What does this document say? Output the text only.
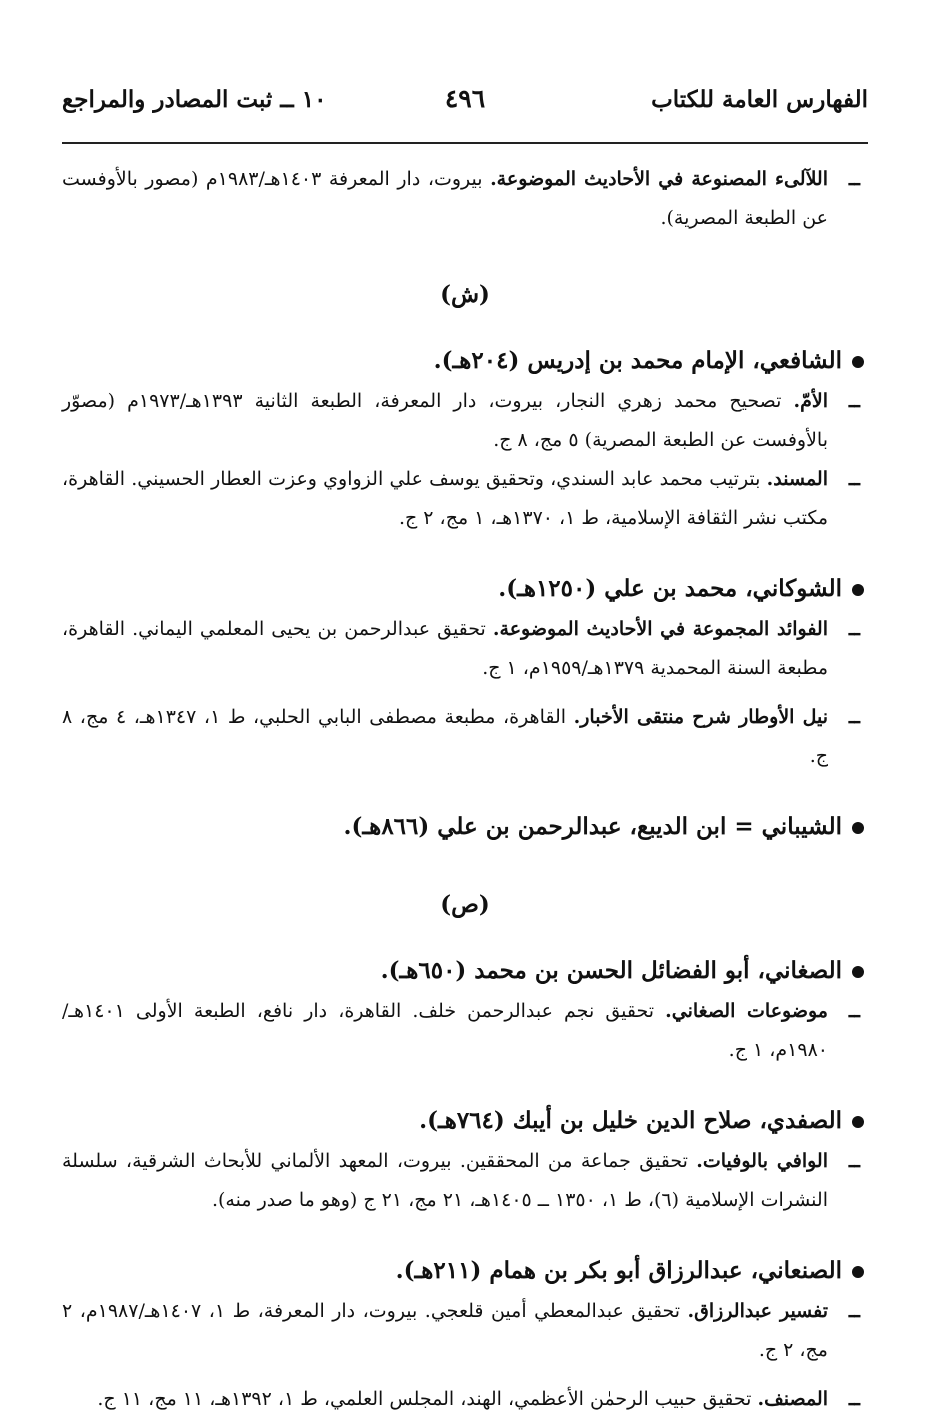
الفهارس العامة للكتاب
٤٩٦
١٠ ــ ثبت المصادر والمراجع

ــ
اللآلىء المصنوعة في الأحاديث الموضوعة. بيروت، دار المعرفة ١٤٠٣هـ/١٩٨٣م (مصور بالأوفست عن الطبعة المصرية).

(ش)

الشافعي، الإمام محمد بن إدريس (٢٠٤هـ).

ــ
الأمّ. تصحيح محمد زهري النجار، بيروت، دار المعرفة، الطبعة الثانية ١٣٩٣هـ/١٩٧٣م (مصوّر بالأوفست عن الطبعة المصرية) ٥ مج، ٨ ج.

ــ
المسند. بترتيب محمد عابد السندي، وتحقيق يوسف علي الزواوي وعزت العطار الحسيني. القاهرة، مكتب نشر الثقافة الإسلامية، ط ١، ١٣٧٠هـ، ١ مج، ٢ ج.

الشوكاني، محمد بن علي (١٢٥٠هـ).

ــ
الفوائد المجموعة في الأحاديث الموضوعة. تحقيق عبدالرحمن بن يحيى المعلمي اليماني. القاهرة، مطبعة السنة المحمدية ١٣٧٩هـ/١٩٥٩م، ١ ج.

ــ
نيل الأوطار شرح منتقى الأخبار. القاهرة، مطبعة مصطفى البابي الحلبي، ط ١، ١٣٤٧هـ، ٤ مج، ٨ ج.

الشيباني = ابن الديبع، عبدالرحمن بن علي (٨٦٦هـ).

(ص)

الصغاني، أبو الفضائل الحسن بن محمد (٦٥٠هـ).

ــ
موضوعات الصغاني. تحقيق نجم عبدالرحمن خلف. القاهرة، دار نافع، الطبعة الأولى ١٤٠١هـ/١٩٨٠م، ١ ج.

الصفدي، صلاح الدين خليل بن أيبك (٧٦٤هـ).

ــ
الوافي بالوفيات. تحقيق جماعة من المحققين. بيروت، المعهد الألماني للأبحاث الشرقية، سلسلة النشرات الإسلامية (٦)، ط ١، ١٣٥٠ ــ ١٤٠٥هـ، ٢١ مج، ٢١ ج (وهو ما صدر منه).

الصنعاني، عبدالرزاق أبو بكر بن همام (٢١١هـ).

ــ
تفسير عبدالرزاق. تحقيق عبدالمعطي أمين قلعجي. بيروت، دار المعرفة، ط ١، ١٤٠٧هـ/١٩٨٧م، ٢ مج، ٢ ج.

ــ
المصنف. تحقيق حبيب الرحمٰن الأعظمي، الهند، المجلس العلمي، ط ١، ١٣٩٢هـ، ١١ مج، ١١ ج.
